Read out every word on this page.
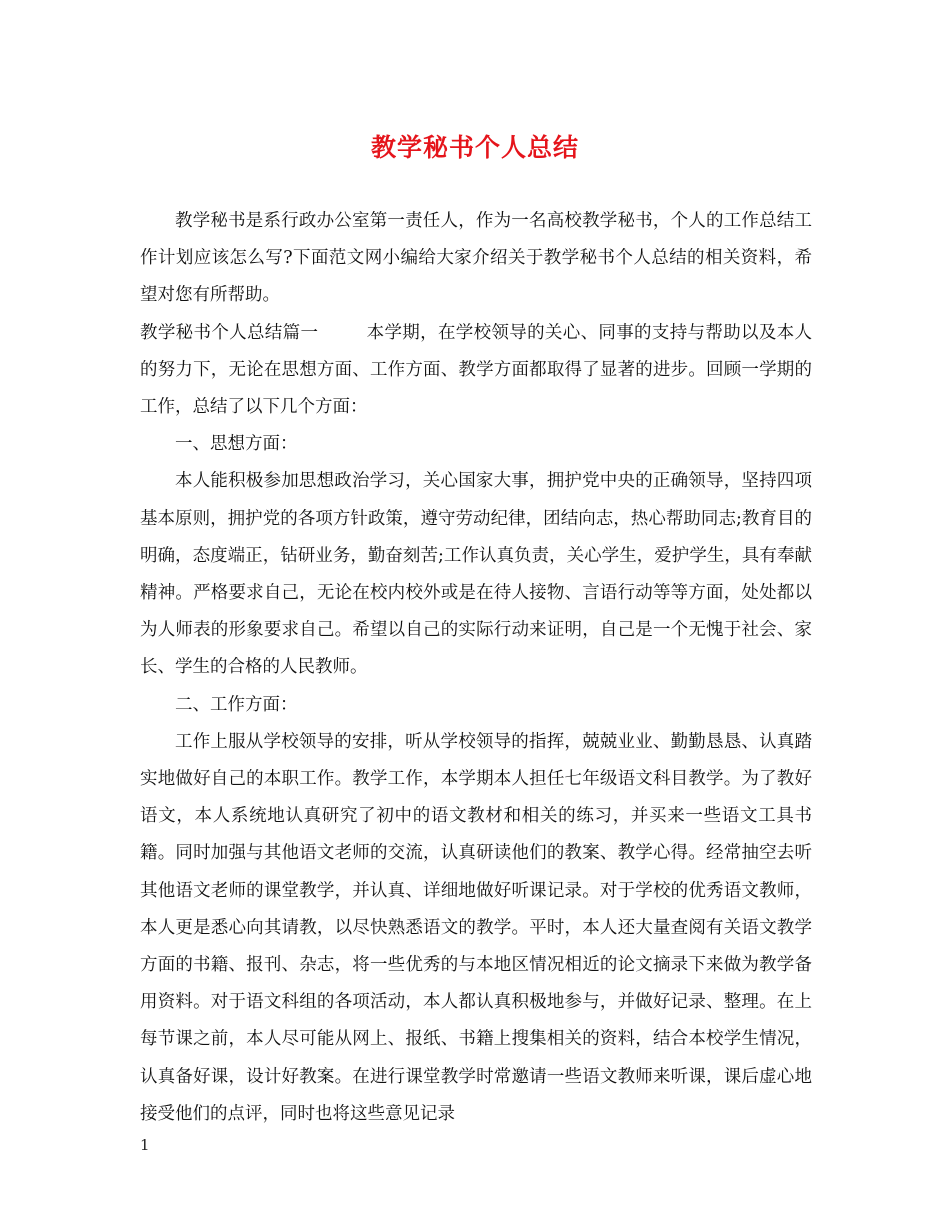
教学秘书个人总结

教学秘书是系行政办公室第一责任人，作为一名高校教学秘书，个人的工作总结工作计划应该怎么写?下面范文网小编给大家介绍关于教学秘书个人总结的相关资料，希望对您有所帮助。

教学秘书个人总结篇一	本学期，在学校领导的关心、同事的支持与帮助以及本人的努力下，无论在思想方面、工作方面、教学方面都取得了显著的进步。回顾一学期的工作，总结了以下几个方面：

一、思想方面：

本人能积极参加思想政治学习，关心国家大事，拥护党中央的正确领导，坚持四项基本原则，拥护党的各项方针政策，遵守劳动纪律，团结向志，热心帮助同志;教育目的明确，态度端正，钻研业务，勤奋刻苦;工作认真负责，关心学生，爱护学生，具有奉献精神。严格要求自己，无论在校内校外或是在待人接物、言语行动等等方面，处处都以为人师表的形象要求自己。希望以自己的实际行动来证明，自己是一个无愧于社会、家长、学生的合格的人民教师。

二、工作方面：

工作上服从学校领导的安排，听从学校领导的指挥，兢兢业业、勤勤恳恳、认真踏实地做好自己的本职工作。教学工作，本学期本人担任七年级语文科目教学。为了教好语文，本人系统地认真研究了初中的语文教材和相关的练习，并买来一些语文工具书籍。同时加强与其他语文老师的交流，认真研读他们的教案、教学心得。经常抽空去听其他语文老师的课堂教学，并认真、详细地做好听课记录。对于学校的优秀语文教师，本人更是悉心向其请教，以尽快熟悉语文的教学。平时，本人还大量查阅有关语文教学方面的书籍、报刊、杂志，将一些优秀的与本地区情况相近的论文摘录下来做为教学备用资料。对于语文科组的各项活动，本人都认真积极地参与，并做好记录、整理。在上每节课之前，本人尽可能从网上、报纸、书籍上搜集相关的资料，结合本校学生情况，认真备好课，设计好教案。在进行课堂教学时常邀请一些语文教师来听课，课后虚心地接受他们的点评，同时也将这些意见记录

1
